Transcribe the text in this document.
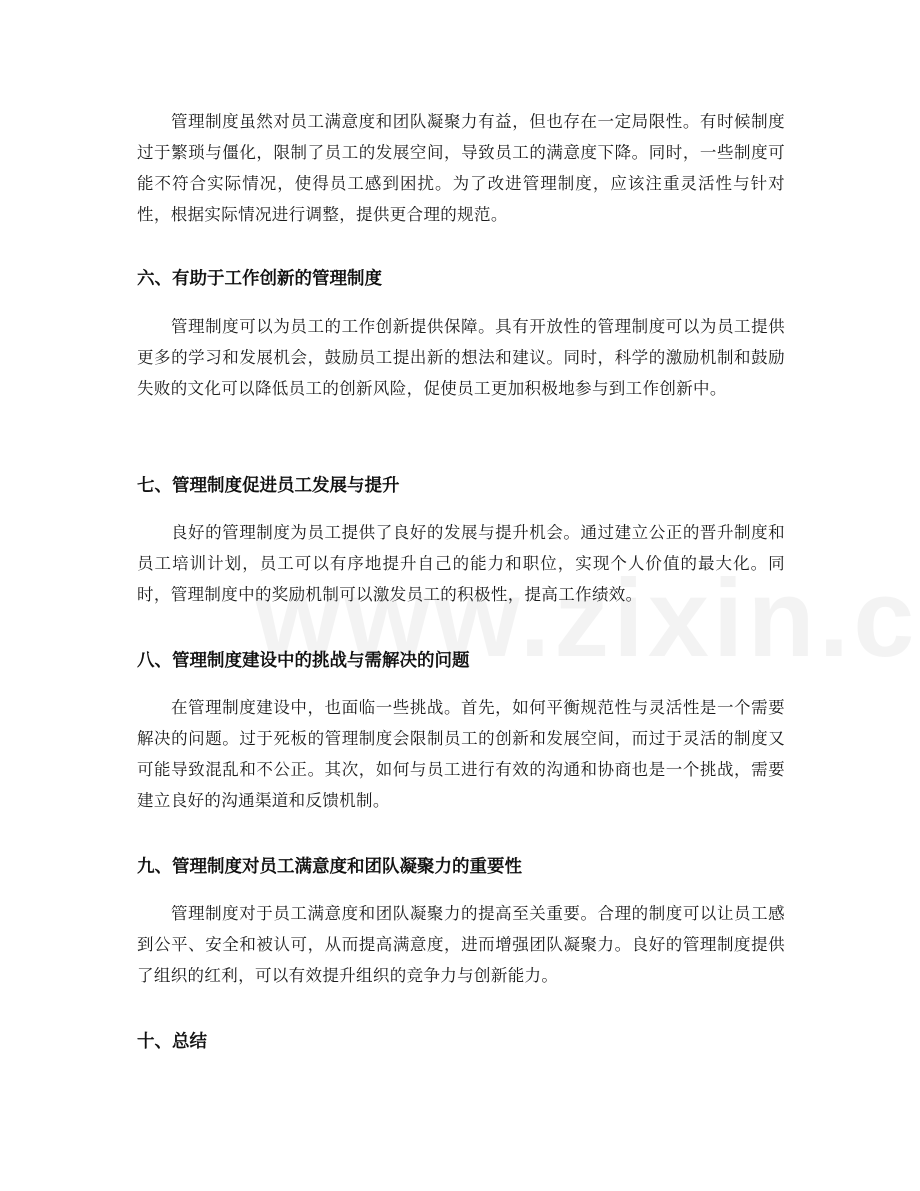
管理制度虽然对员工满意度和团队凝聚力有益，但也存在一定局限性。有时候制度过于繁琐与僵化，限制了员工的发展空间，导致员工的满意度下降。同时，一些制度可能不符合实际情况，使得员工感到困扰。为了改进管理制度，应该注重灵活性与针对性，根据实际情况进行调整，提供更合理的规范。

六、有助于工作创新的管理制度

管理制度可以为员工的工作创新提供保障。具有开放性的管理制度可以为员工提供更多的学习和发展机会，鼓励员工提出新的想法和建议。同时，科学的激励机制和鼓励失败的文化可以降低员工的创新风险，促使员工更加积极地参与到工作创新中。

七、管理制度促进员工发展与提升

良好的管理制度为员工提供了良好的发展与提升机会。通过建立公正的晋升制度和员工培训计划，员工可以有序地提升自己的能力和职位，实现个人价值的最大化。同时，管理制度中的奖励机制可以激发员工的积极性，提高工作绩效。

八、管理制度建设中的挑战与需解决的问题

在管理制度建设中，也面临一些挑战。首先，如何平衡规范性与灵活性是一个需要解决的问题。过于死板的管理制度会限制员工的创新和发展空间，而过于灵活的制度又可能导致混乱和不公正。其次，如何与员工进行有效的沟通和协商也是一个挑战，需要建立良好的沟通渠道和反馈机制。

九、管理制度对员工满意度和团队凝聚力的重要性

管理制度对于员工满意度和团队凝聚力的提高至关重要。合理的制度可以让员工感到公平、安全和被认可，从而提高满意度，进而增强团队凝聚力。良好的管理制度提供了组织的红利，可以有效提升组织的竞争力与创新能力。

十、总结
